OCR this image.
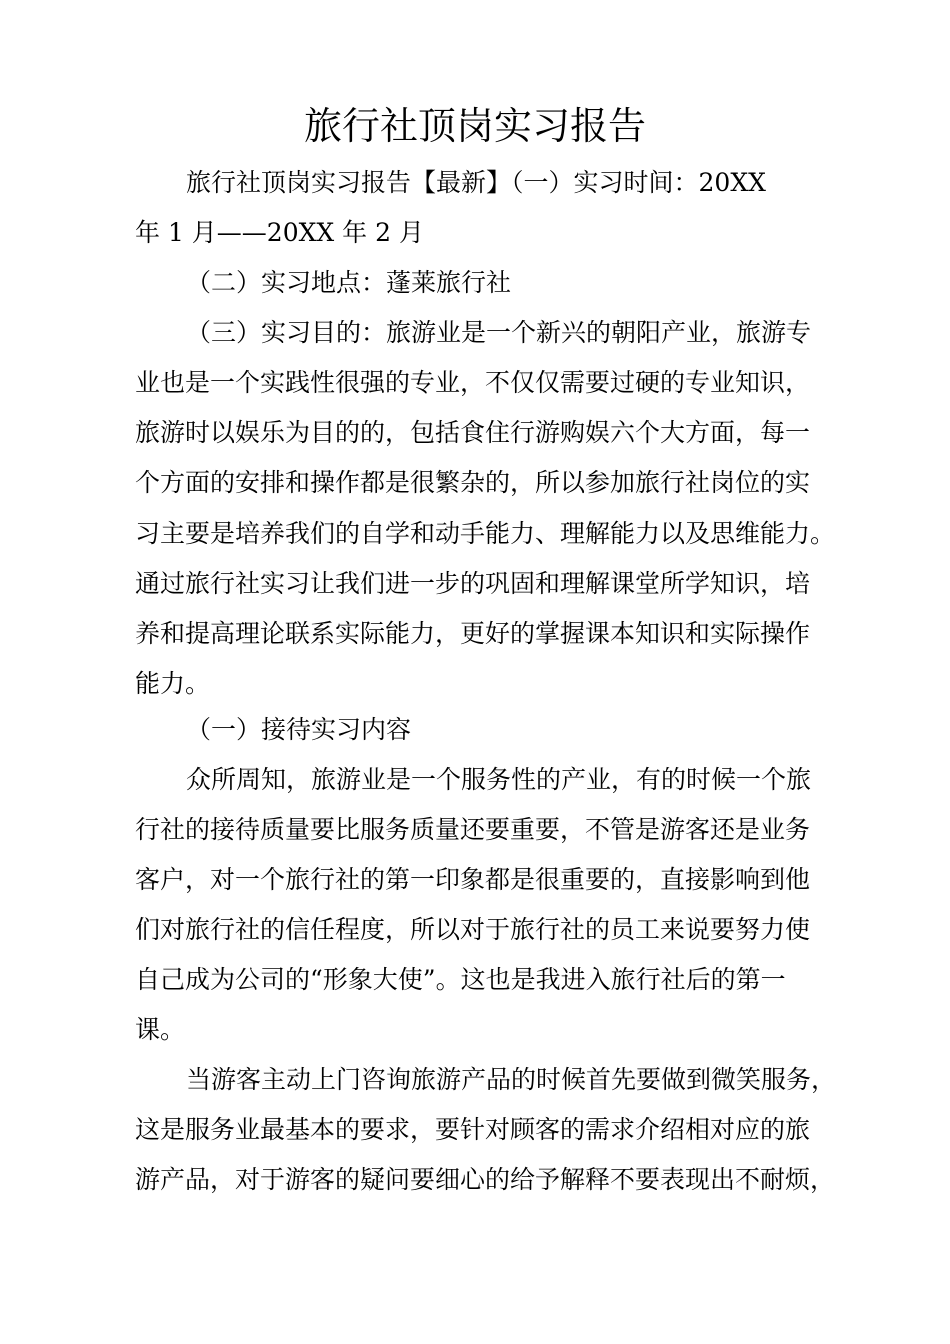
旅行社顶岗实习报告
旅行社顶岗实习报告【最新】（一）实习时间：20XX
年 1 月——20XX 年 2 月
（二）实习地点：蓬莱旅行社
（三）实习目的：旅游业是一个新兴的朝阳产业，旅游专
业也是一个实践性很强的专业，不仅仅需要过硬的专业知识，
旅游时以娱乐为目的的，包括食住行游购娱六个大方面，每一
个方面的安排和操作都是很繁杂的，所以参加旅行社岗位的实
习主要是培养我们的自学和动手能力、理解能力以及思维能力。
通过旅行社实习让我们进一步的巩固和理解课堂所学知识，培
养和提高理论联系实际能力，更好的掌握课本知识和实际操作
能力。
（一）接待实习内容
众所周知，旅游业是一个服务性的产业，有的时候一个旅
行社的接待质量要比服务质量还要重要，不管是游客还是业务
客户，对一个旅行社的第一印象都是很重要的，直接影响到他
们对旅行社的信任程度，所以对于旅行社的员工来说要努力使
自己成为公司的“形象大使”。这也是我进入旅行社后的第一
课。
当游客主动上门咨询旅游产品的时候首先要做到微笑服务，
这是服务业最基本的要求，要针对顾客的需求介绍相对应的旅
游产品，对于游客的疑问要细心的给予解释不要表现出不耐烦，
